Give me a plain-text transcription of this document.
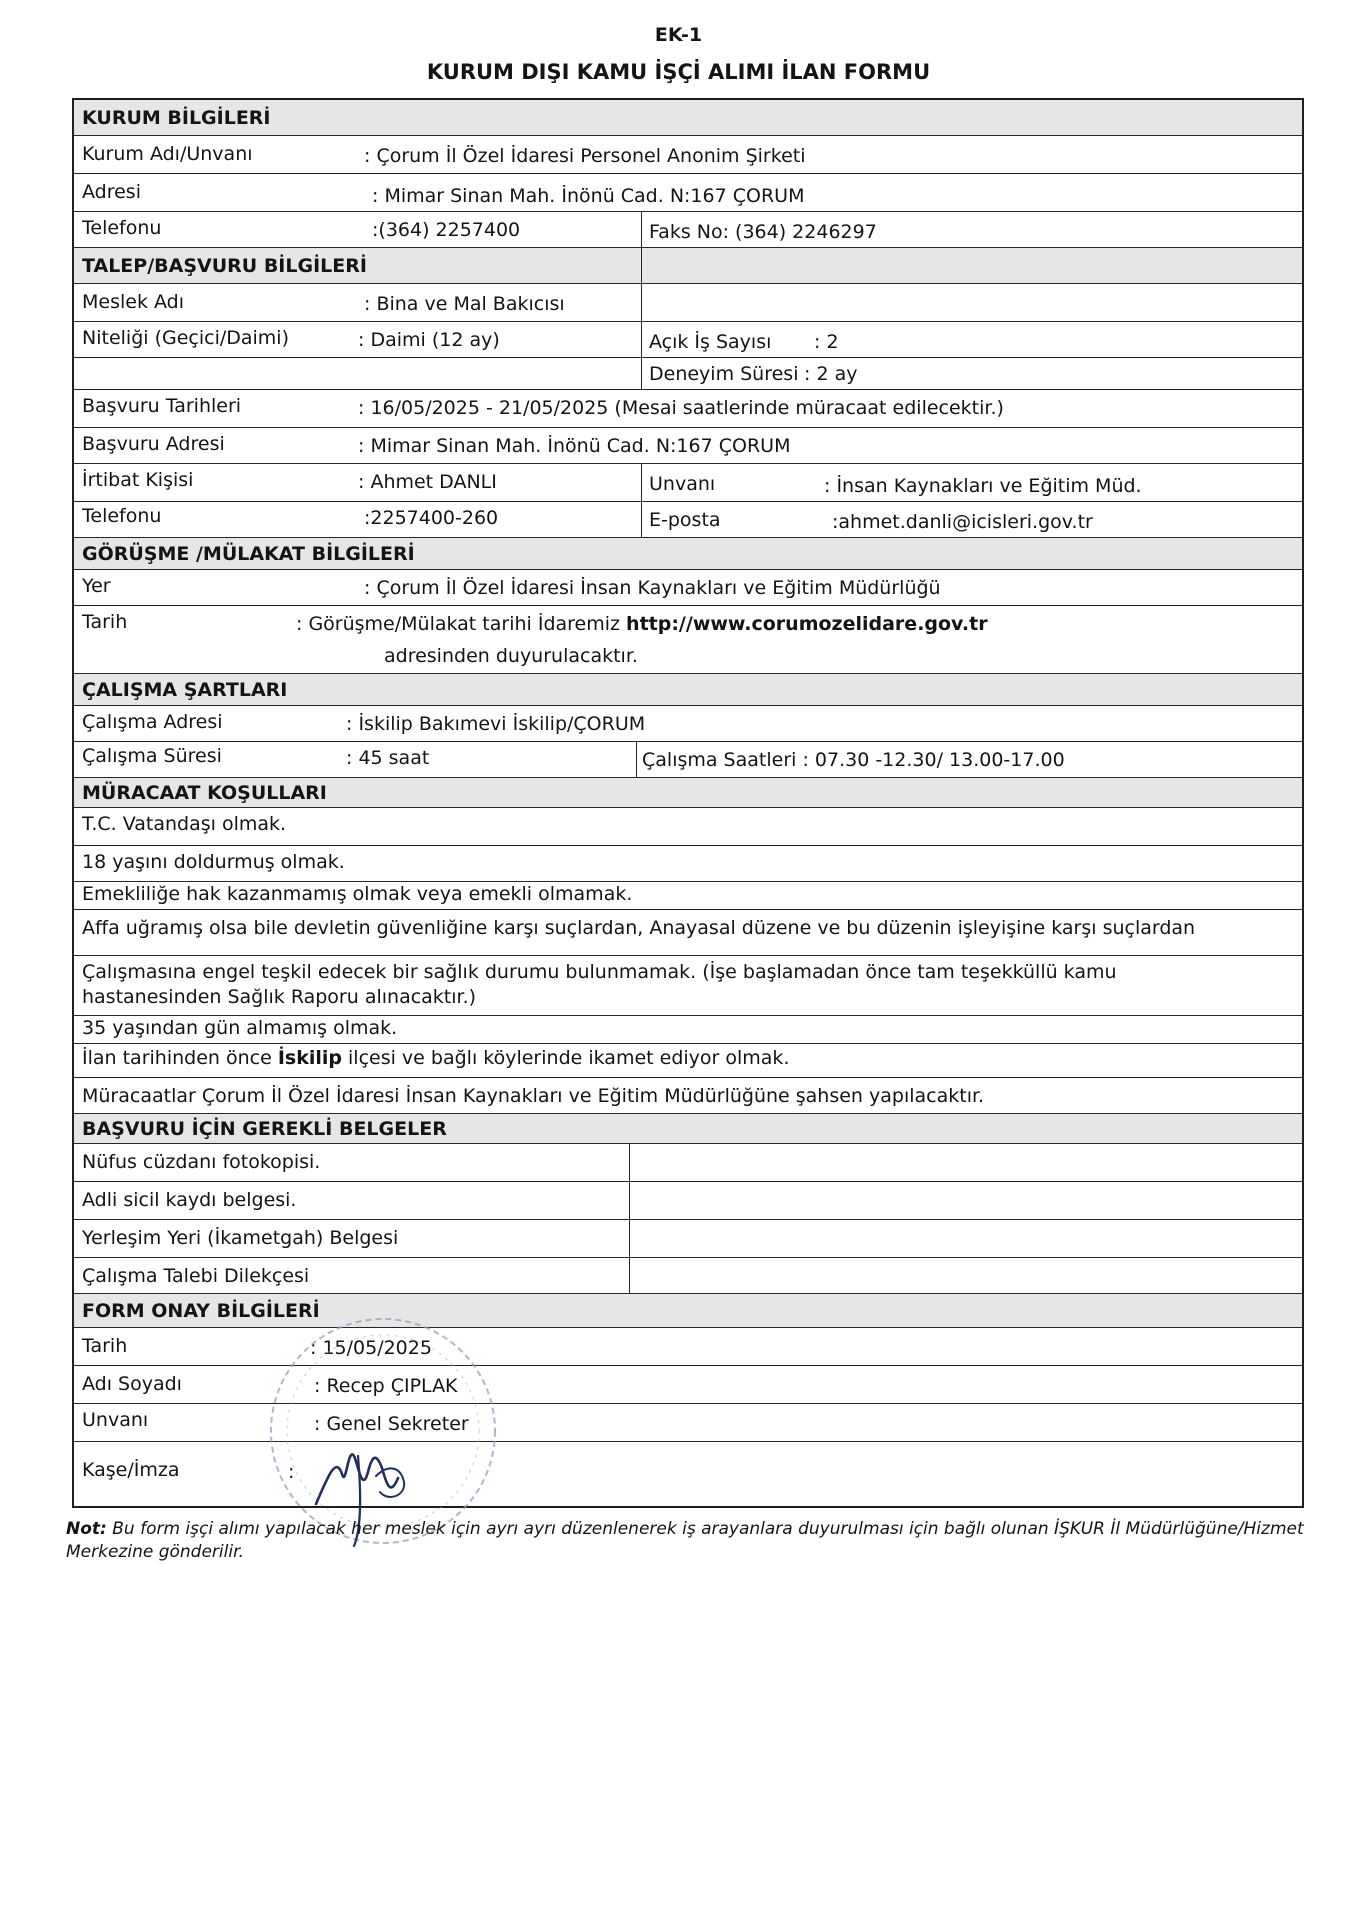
EK-1
KURUM DIŞI KAMU İŞÇİ ALIMI İLAN FORMU
KURUM BİLGİLERİ
Kurum Adı/Unvanı	: Çorum İl Özel İdaresi Personel Anonim Şirketi
Adresi	: Mimar Sinan Mah. İnönü Cad. N:167 ÇORUM
Telefonu	:(364) 2257400	Faks No: (364) 2246297
TALEP/BAŞVURU BİLGİLERİ
Meslek Adı	: Bina ve Mal Bakıcısı
Niteliği (Geçici/Daimi)	: Daimi (12 ay)	Açık İş Sayısı : 2
Deneyim Süresi : 2 ay
Başvuru Tarihleri	: 16/05/2025 - 21/05/2025 (Mesai saatlerinde müracaat edilecektir.)
Başvuru Adresi	: Mimar Sinan Mah. İnönü Cad. N:167 ÇORUM
İrtibat Kişisi	: Ahmet DANLI	Unvanı	: İnsan Kaynakları ve Eğitim Müd.
Telefonu	:2257400-260	E-posta	:ahmet.danli@icisleri.gov.tr
GÖRÜŞME /MÜLAKAT BİLGİLERİ
Yer	: Çorum İl Özel İdaresi İnsan Kaynakları ve Eğitim Müdürlüğü
Tarih	: Görüşme/Mülakat tarihi İdaremiz http://www.corumozelidare.gov.tr
adresinden duyurulacaktır.
ÇALIŞMA ŞARTLARI
Çalışma Adresi	: İskilip Bakımevi İskilip/ÇORUM
Çalışma Süresi	: 45 saat	Çalışma Saatleri : 07.30 -12.30/ 13.00-17.00
MÜRACAAT KOŞULLARI
T.C. Vatandaşı olmak.
18 yaşını doldurmuş olmak.
Emekliliğe hak kazanmamış olmak veya emekli olmamak.
Affa uğramış olsa bile devletin güvenliğine karşı suçlardan, Anayasal düzene ve bu düzenin işleyişine karşı suçlardan
Çalışmasına engel teşkil edecek bir sağlık durumu bulunmamak. (İşe başlamadan önce tam teşekküllü kamu
hastanesinden Sağlık Raporu alınacaktır.)
35 yaşından gün almamış olmak.
İlan tarihinden önce İskilip ilçesi ve bağlı köylerinde ikamet ediyor olmak.
Müracaatlar Çorum İl Özel İdaresi İnsan Kaynakları ve Eğitim Müdürlüğüne şahsen yapılacaktır.
BAŞVURU İÇİN GEREKLİ BELGELER
Nüfus cüzdanı fotokopisi.
Adli sicil kaydı belgesi.
Yerleşim Yeri (İkametgah) Belgesi
Çalışma Talebi Dilekçesi
FORM ONAY BİLGİLERİ
Tarih	: 15/05/2025
Adı Soyadı	: Recep ÇIPLAK
Unvanı	: Genel Sekreter
Kaşe/İmza	:
Not: Bu form işçi alımı yapılacak her meslek için ayrı ayrı düzenlenerek iş arayanlara duyurulması için bağlı olunan İŞKUR İl Müdürlüğüne/Hizmet Merkezine gönderilir.
